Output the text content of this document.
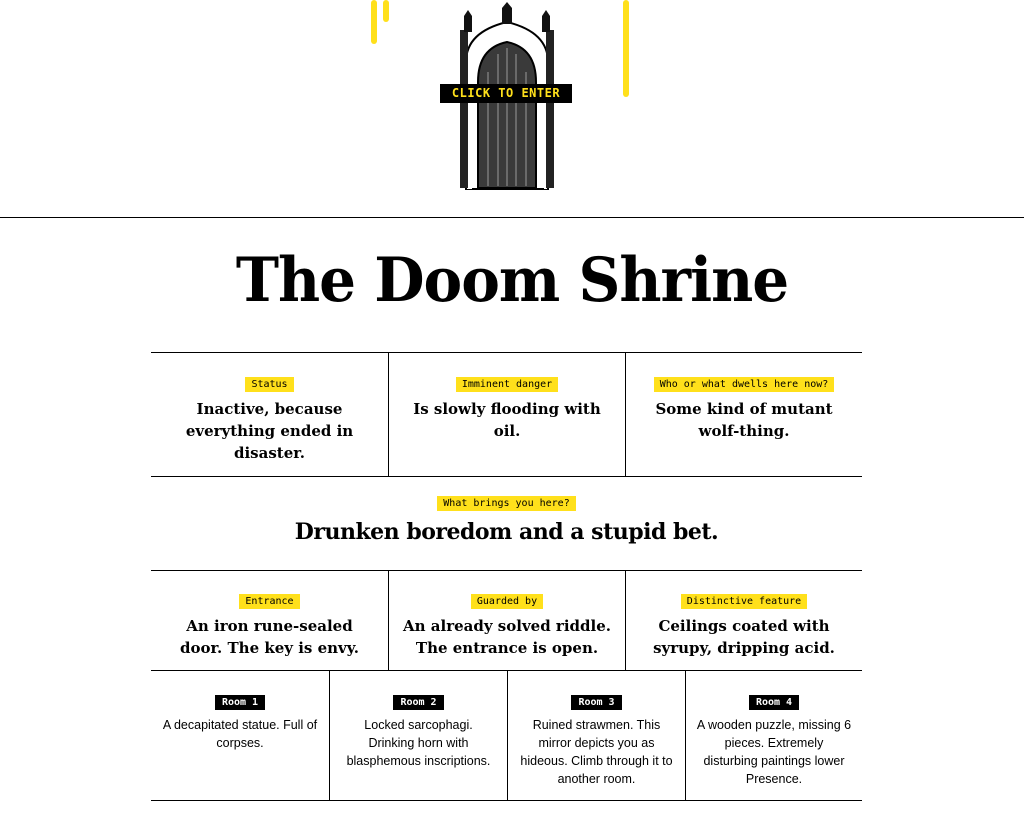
CLICK TO ENTER
The Doom Shrine
Status
Inactive, because everything ended in disaster.
Imminent danger
Is slowly flooding with oil.
Who or what dwells here now?
Some kind of mutant wolf-thing.
What brings you here?
Drunken boredom and a stupid bet.
Entrance
An iron rune-sealed door. The key is envy.
Guarded by
An already solved riddle. The entrance is open.
Distinctive feature
Ceilings coated with syrupy, dripping acid.
Room 1
A decapitated statue. Full of corpses.
Room 2
Locked sarcophagi. Drinking horn with blasphemous inscriptions.
Room 3
Ruined strawmen. This mirror depicts you as hideous. Climb through it to another room.
Room 4
A wooden puzzle, missing 6 pieces. Extremely disturbing paintings lower Presence.
